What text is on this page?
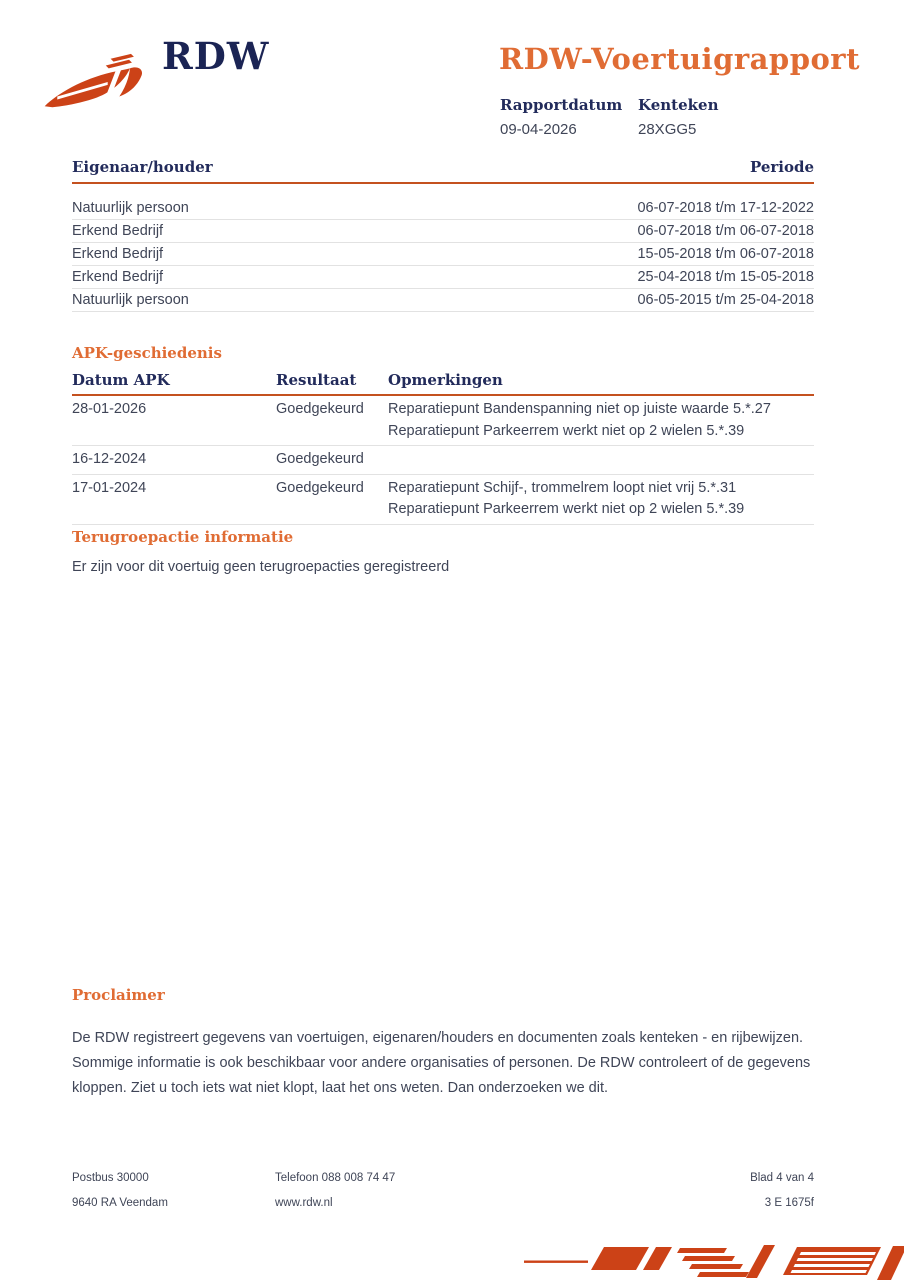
RDW	RDW-Voertuigrapport
Rapportdatum
09-04-2026
Kenteken
28XGG5
Eigenaar/houder	Periode
Natuurlijk persoon	06-07-2018 t/m 17-12-2022
Erkend Bedrijf	06-07-2018 t/m 06-07-2018
Erkend Bedrijf	15-05-2018 t/m 06-07-2018
Erkend Bedrijf	25-04-2018 t/m 15-05-2018
Natuurlijk persoon	06-05-2015 t/m 25-04-2018
APK-geschiedenis
Datum APK	Resultaat	Opmerkingen
28-01-2026	Goedgekeurd	Reparatiepunt Bandenspanning niet op juiste waarde 5.*.27
Reparatiepunt Parkeerrem werkt niet op 2 wielen 5.*.39
16-12-2024	Goedgekeurd
17-01-2024	Goedgekeurd	Reparatiepunt Schijf-, trommelrem loopt niet vrij 5.*.31
Reparatiepunt Parkeerrem werkt niet op 2 wielen 5.*.39
Terugroepactie informatie
Er zijn voor dit voertuig geen terugroepacties geregistreerd
Proclaimer

De RDW registreert gegevens van voertuigen, eigenaren/houders en documenten zoals kenteken - en rijbewijzen. Sommige informatie is ook beschikbaar voor andere organisaties of personen. De RDW controleert of de gegevens kloppen. Ziet u toch iets wat niet klopt, laat het ons weten. Dan onderzoeken we dit.

Postbus 30000	Telefoon 088 008 74 47	Blad 4 van 4
9640 RA Veendam	www.rdw.nl	3 E 1675f
